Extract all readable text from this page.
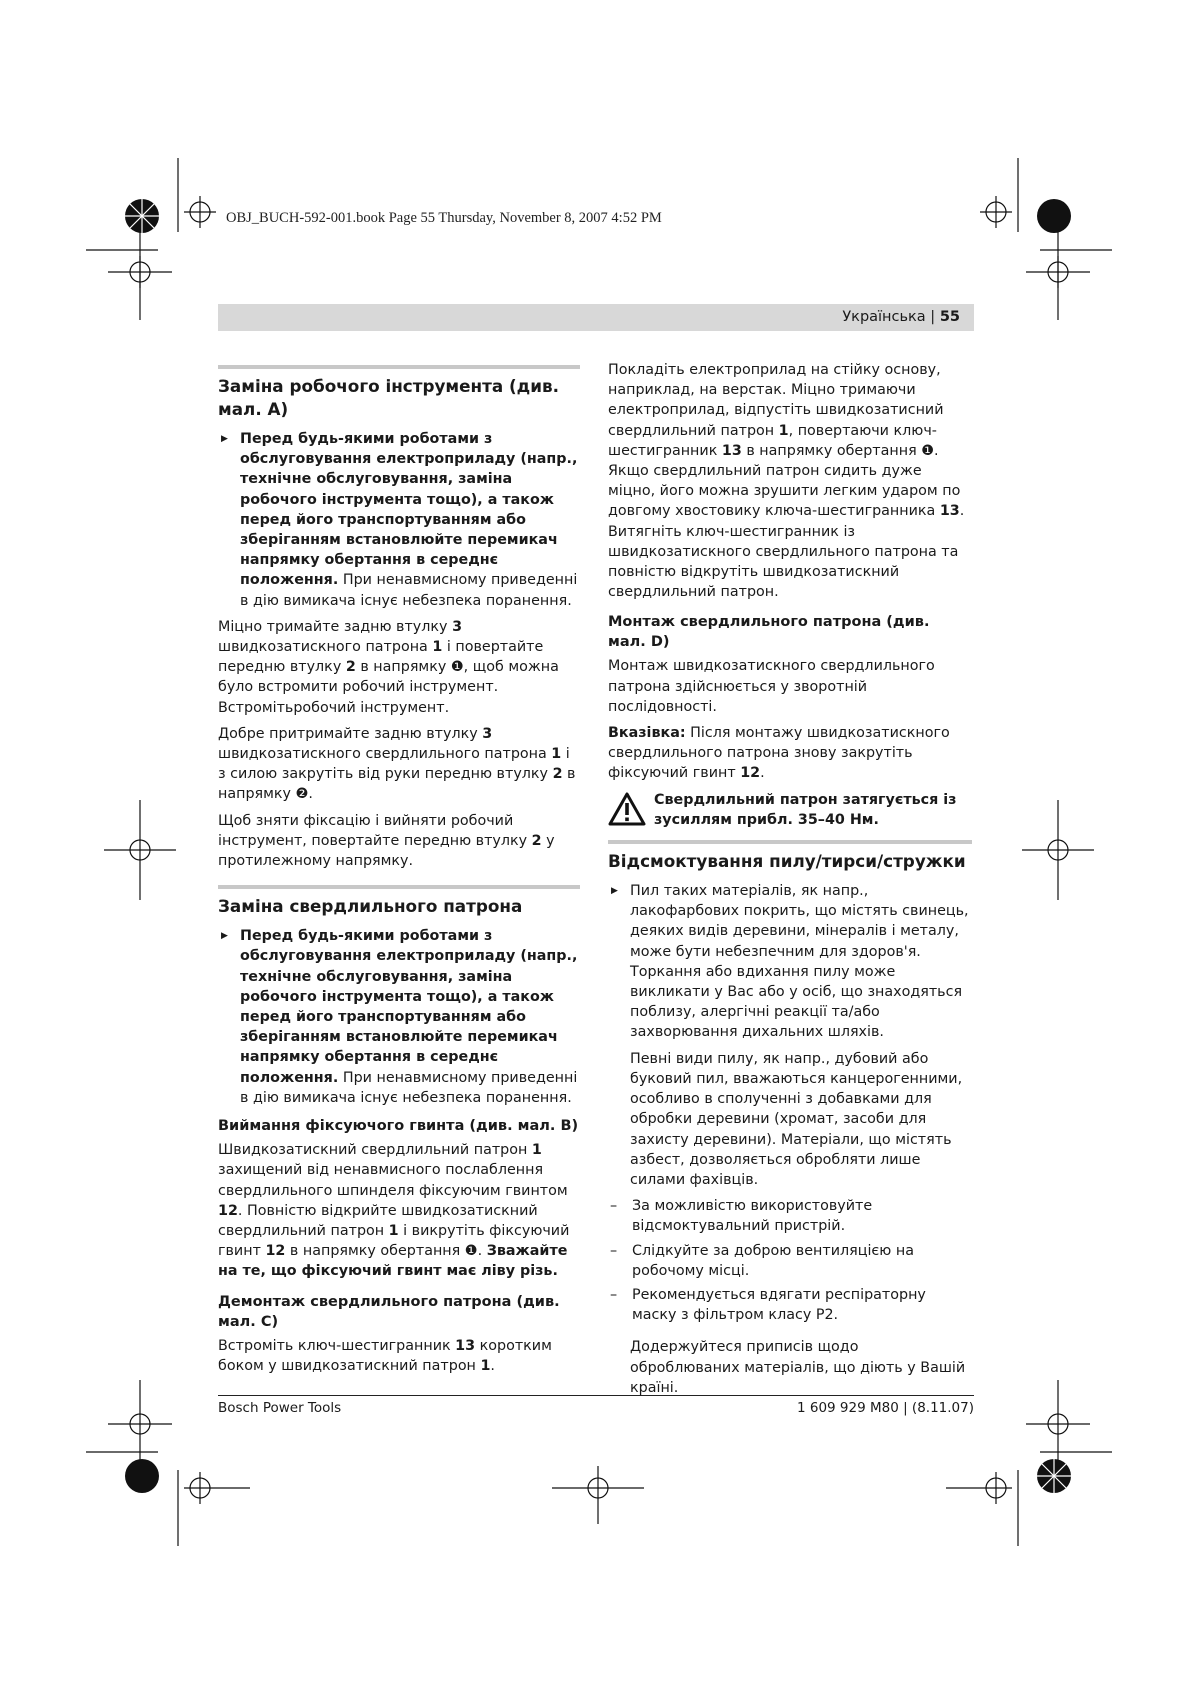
OBJ_BUCH-592-001.book Page 55 Thursday, November 8, 2007 4:52 PM
Українська | 55
Заміна робочого інструмента (див. мал. A)
▶ Перед будь-якими роботами з обслуговування електроприладу (напр., технічне обслуговування, заміна робочого інструмента тощо), а також перед його транспортуванням або зберіганням встановлюйте перемикач напрямку обертання в середнє положення. При ненавмисному приведенні в дію вимикача існує небезпека поранення.

Міцно тримайте задню втулку 3 швидкозатискного патрона 1 і повертайте передню втулку 2 в напрямку ❶, щоб можна було встромити робочий інструмент. Встромітьробочий інструмент.

Добре притримайте задню втулку 3 швидкозатискного свердлильного патрона 1 і з силою закрутіть від руки передню втулку 2 в напрямку ❷.

Щоб зняти фіксацію і вийняти робочий інструмент, повертайте передню втулку 2 у протилежному напрямку.

Заміна свердлильного патрона
▶ Перед будь-якими роботами з обслуговування електроприладу (напр., технічне обслуговування, заміна робочого інструмента тощо), а також перед його транспортуванням або зберіганням встановлюйте перемикач напрямку обертання в середнє положення. При ненавмисному приведенні в дію вимикача існує небезпека поранення.
Виймання фіксуючого гвинта (див. мал. B)

Швидкозатискний свердлильний патрон 1 захищений від ненавмисного послаблення свердлильного шпинделя фіксуючим гвинтом 12. Повністю відкрийте швидкозатискний свердлильний патрон 1 і викрутіть фіксуючий гвинт 12 в напрямку обертання ❶. Зважайте на те, що фіксуючий гвинт має ліву різь.

Демонтаж свердлильного патрона (див. мал. C)

Встромiть ключ-шестигранник 13 коротким боком у швидкозатискний патрон 1.

Покладіть електроприлад на стійку основу, наприклад, на верстак. Міцно тримаючи електроприлад, відпустіть швидкозатисний свердлильний патрон 1, повертаючи ключ-шестигранник 13 в напрямку обертання ❶. Якщо свердлильний патрон сидить дуже міцно, його можна зрушити легким ударом по довгому хвостовику ключа-шестигранника 13. Витягніть ключ-шестигранник із швидкозатискного свердлильного патрона та повністю відкрутіть швидкозатискний свердлильний патрон.

Монтаж свердлильного патрона (див. мал. D)

Монтаж швидкозатискного свердлильного патрона здійснюється у зворотній послідовності.

Вказівка: Після монтажу швидкозатискного свердлильного патрона знову закрутіть фіксуючий гвинт 12.

Свердлильний патрон затягується із зусиллям прибл. 35–40 Нм.
Відсмоктування пилу/тирси/стружки
▶ Пил таких матеріалів, як напр., лакофарбових покрить, що містять свинець, деяких видів деревини, мінералів і металу, може бути небезпечним для здоров'я. Торкання або вдихання пилу може викликати у Вас або у осіб, що знаходяться поблизу, алергічні реакції та/або захворювання дихальних шляхів.

Певні види пилу, як напр., дубовий або буковий пил, вважаються канцерогенними, особливо в сполученні з добавками для обробки деревини (хромат, засоби для захисту деревини). Матеріали, що містять азбест, дозволяється обробляти лише силами фахівців.

– За можливістю використовуйте відсмоктувальний пристрій.
– Слідкуйте за доброю вентиляцією на робочому місці.
– Рекомендується вдягати респіраторну маску з фільтром класу P2.

Додержуйтеся приписів щодо оброблюваних матеріалів, що діють у Вашій країні.

Bosch Power Tools	1 609 929 M80 | (8.11.07)
